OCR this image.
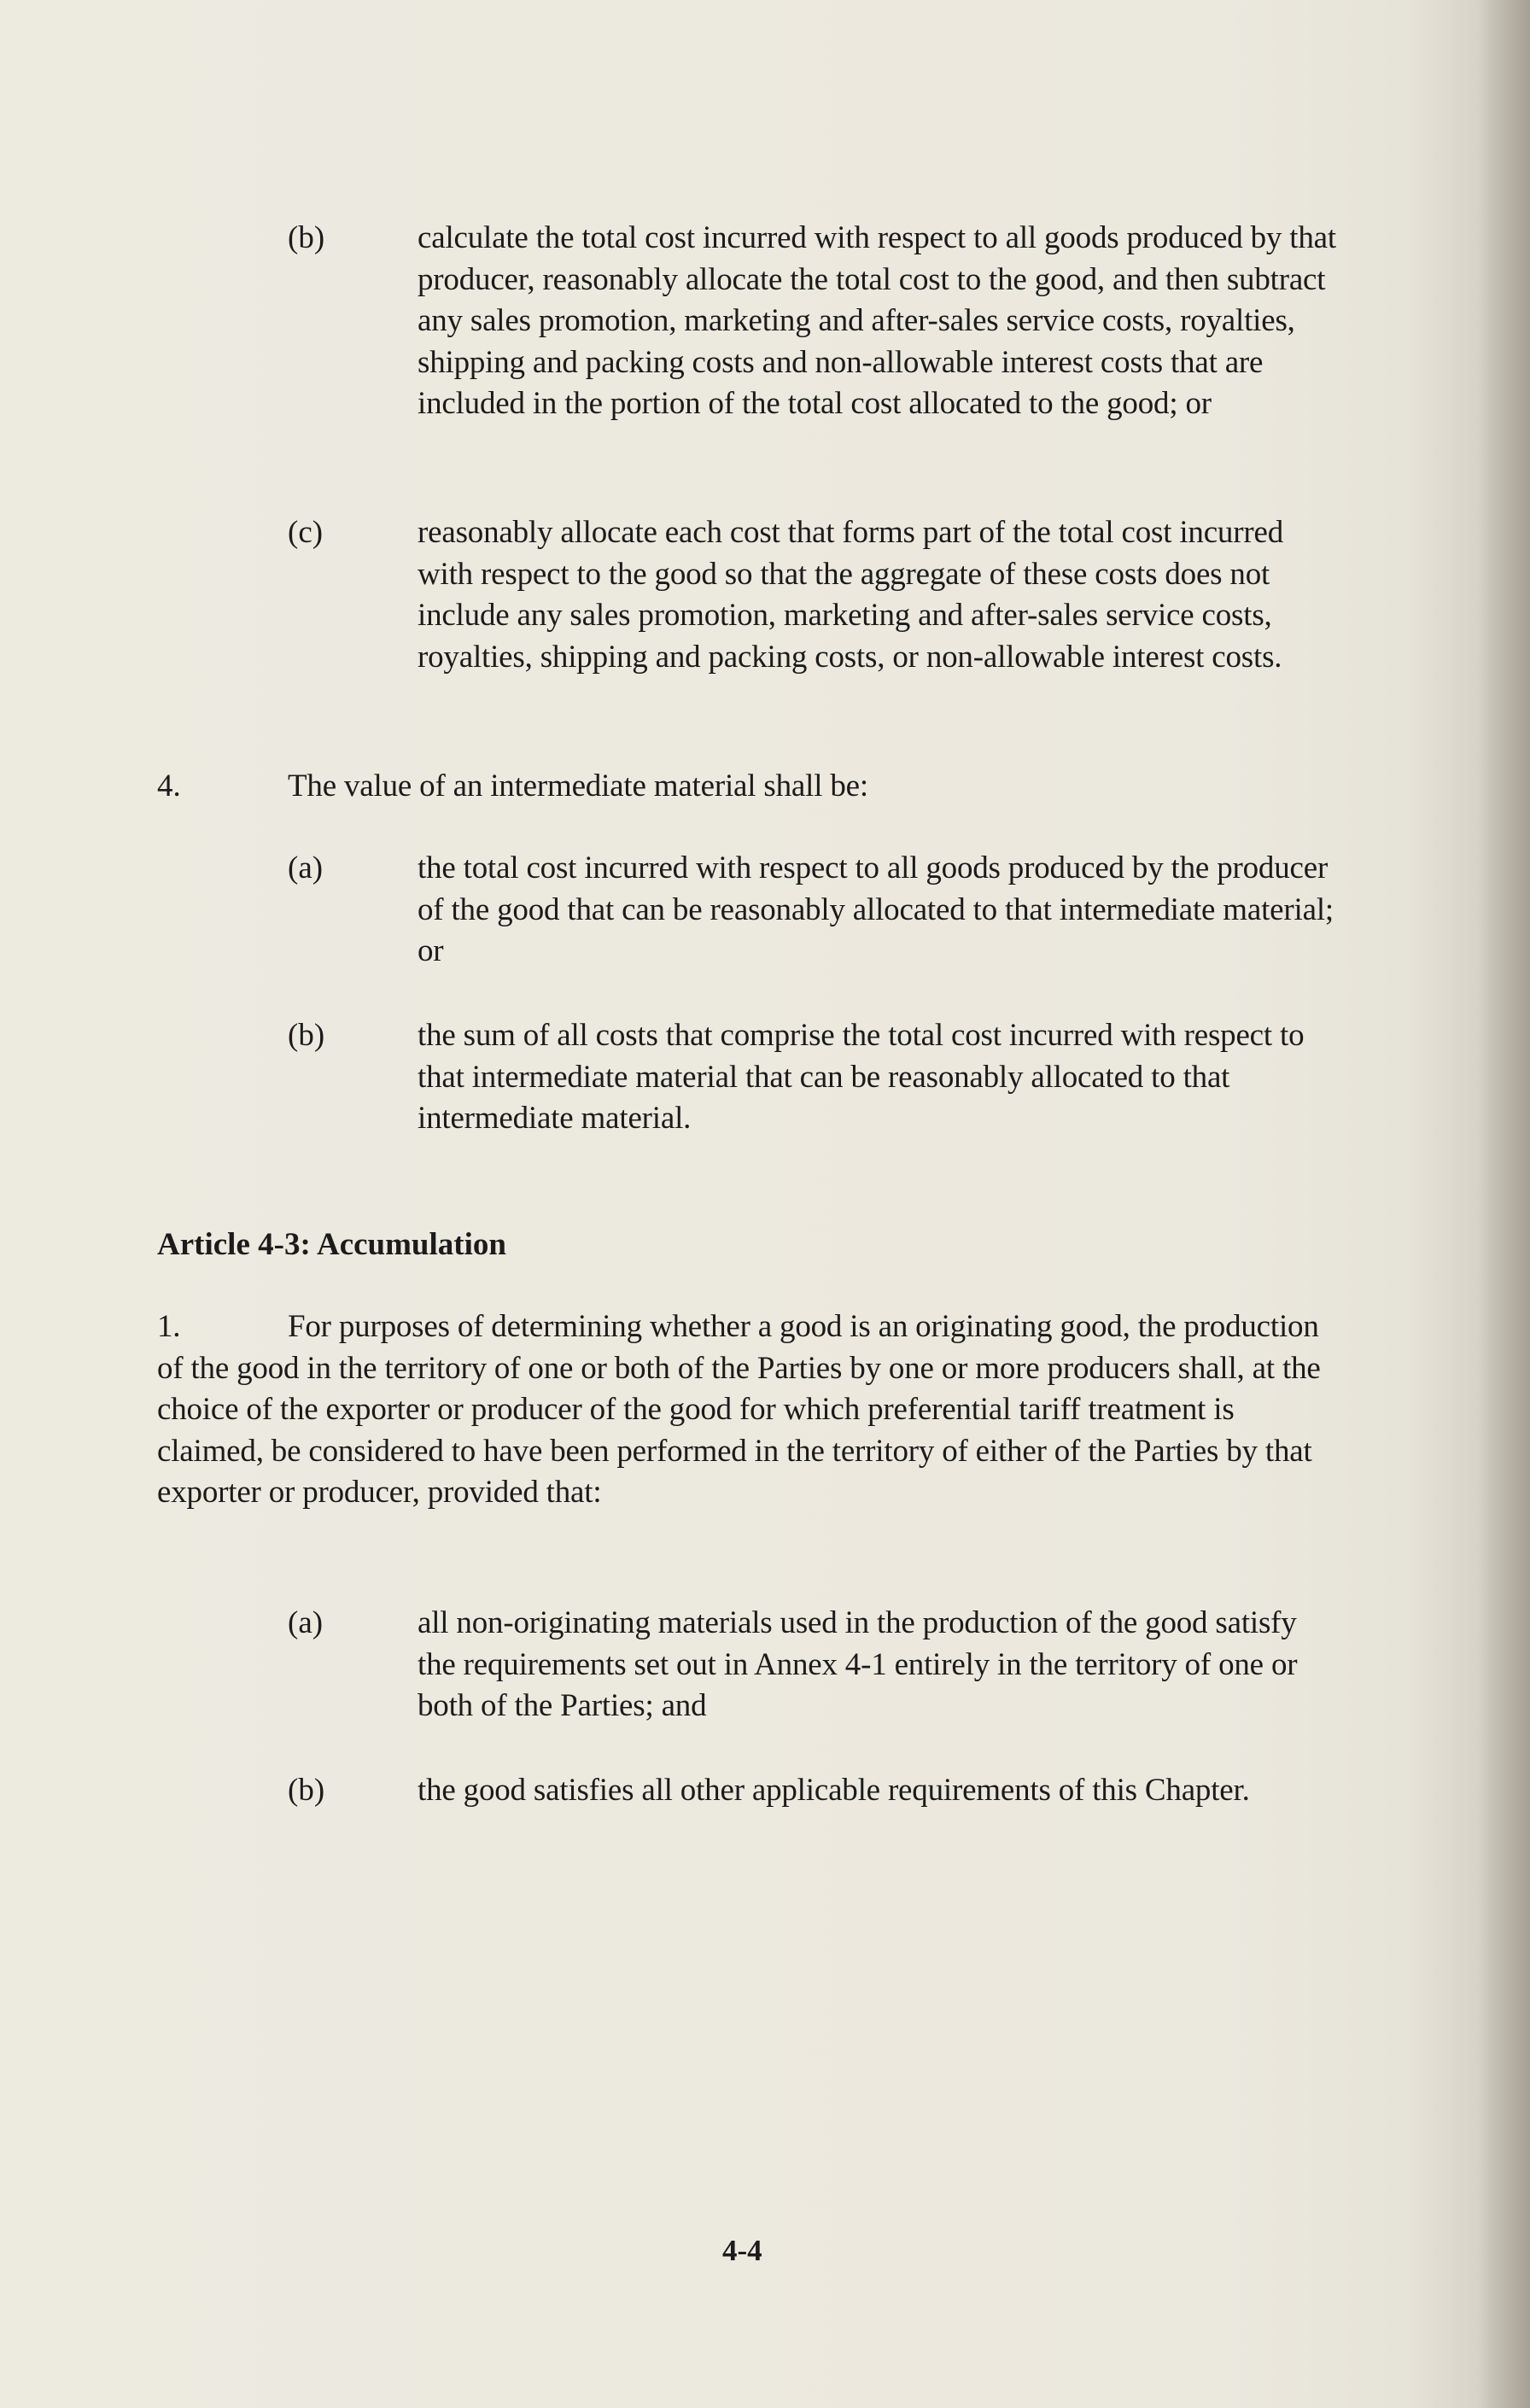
(b)	calculate the total cost incurred with respect to all goods produced by that producer, reasonably allocate the total cost to the good, and then subtract any sales promotion, marketing and after-sales service costs, royalties, shipping and packing costs and non-allowable interest costs that are included in the portion of the total cost allocated to the good; or
(c)	reasonably allocate each cost that forms part of the total cost incurred with respect to the good so that the aggregate of these costs does not include any sales promotion, marketing and after-sales service costs, royalties, shipping and packing costs, or non-allowable interest costs.
4.	The value of an intermediate material shall be:
(a)	the total cost incurred with respect to all goods produced by the producer of the good that can be reasonably allocated to that intermediate material; or
(b)	the sum of all costs that comprise the total cost incurred with respect to that intermediate material that can be reasonably allocated to that intermediate material.
Article 4-3: Accumulation
1.	For purposes of determining whether a good is an originating good, the production of the good in the territory of one or both of the Parties by one or more producers shall, at the choice of the exporter or producer of the good for which preferential tariff treatment is claimed, be considered to have been performed in the territory of either of the Parties by that exporter or producer, provided that:
(a)	all non-originating materials used in the production of the good satisfy the requirements set out in Annex 4-1 entirely in the territory of one or both of the Parties; and
(b)	the good satisfies all other applicable requirements of this Chapter.
4-4
